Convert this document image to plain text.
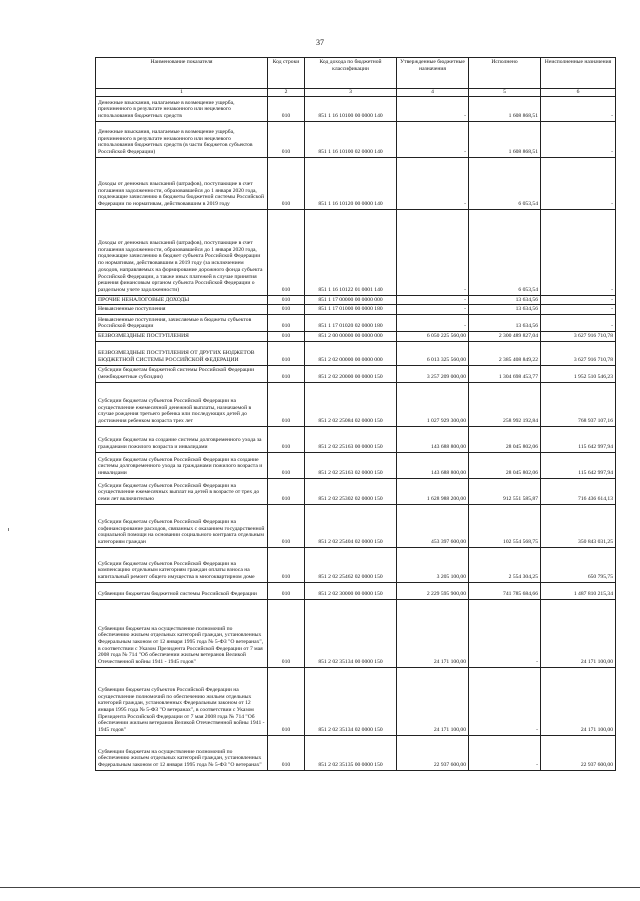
37
Наименование показателя	Код строки	Код дохода по бюджетной классификации	Утвержденные бюджетные назначения	Исполнено	Неисполненные назначения
1	2	3	4	5	6
Денежные взыскания, налагаемые в возмещение ущерба, причиненного в результате незаконного или нецелевого использования бюджетных средств	010	851 1 16 10100 00 0000 140	-	1 608 868,51	-
Денежные взыскания, налагаемые в возмещение ущерба, причиненного в результате незаконного или нецелевого использования бюджетных средств (в части бюджетов субъектов Российской Федерации)	010	851 1 16 10100 02 0000 140	-	1 608 868,51	-
Доходы от денежных взысканий (штрафов), поступающие в счет погашения задолженности, образовавшейся до 1 января 2020 года, подлежащие зачислению в бюджеты бюджетной системы Российской Федерации по нормативам, действовавшим в 2019 году	010	851 1 16 10120 00 0000 140	-	6 053,54	-
Доходы от денежных взысканий (штрафов), поступающие в счет погашения задолженности, образовавшейся до 1 января 2020 года, подлежащие зачислению в бюджет субъекта Российской Федерации по нормативам, действовавшим в 2019 году (за исключением доходов, направляемых на формирование дорожного фонда субъекта Российской Федерации, а также иных платежей в случае принятия решения финансовым органом субъекта Российской Федерации о раздельном учете задолженности)	010	851 1 16 10122 01 0001 140	-	6 053,54	-
ПРОЧИЕ НЕНАЛОГОВЫЕ ДОХОДЫ	010	851 1 17 00000 00 0000 000	-	13 634,56	-
Невыясненные поступления	010	851 1 17 01000 00 0000 180	-	13 634,56	-
Невыясненные поступления, зачисляемые в бюджеты субъектов Российской Федерации	010	851 1 17 01020 02 0000 180	-	13 634,56	-
БЕЗВОЗМЕЗДНЫЕ ПОСТУПЛЕНИЯ	010	851 2 00 00000 00 0000 000	6 050 225 560,00	2 300 489 827,04	3 627 916 710,78
БЕЗВОЗМЕЗДНЫЕ ПОСТУПЛЕНИЯ ОТ ДРУГИХ БЮДЖЕТОВ БЮДЖЕТНОЙ СИСТЕМЫ РОССИЙСКОЙ ФЕДЕРАЦИИ	010	851 2 02 00000 00 0000 000	6 013 325 560,00	2 385 408 849,22	3 627 916 710,78
Субсидии бюджетам бюджетной системы Российской Федерации (межбюджетные субсидии)	010	851 2 02 20000 00 0000 150	3 257 209 000,00	1 304 698 453,77	1 952 510 546,23
Субсидии бюджетам субъектов Российской Федерации на осуществление ежемесячной денежной выплаты, назначаемой в случае рождения третьего ребенка или последующих детей до достижения ребенком возраста трех лет	010	851 2 02 25084 02 0000 150	1 027 929 300,00	258 992 192,84	768 937 107,16
Субсидии бюджетам на создание системы долговременного ухода за гражданами пожилого возраста и инвалидами	010	851 2 02 25163 00 0000 150	143 688 800,00	28 045 802,06	115 642 997,94
Субсидии бюджетам субъектов Российской Федерации на создание системы долговременного ухода за гражданами пожилого возраста и инвалидами	010	851 2 02 25163 02 0000 150	143 688 800,00	28 045 802,06	115 642 997,94
Субсидии бюджетам субъектов Российской Федерации на осуществление ежемесячных выплат на детей в возрасте от трех до семи лет включительно	010	851 2 02 25302 02 0000 150	1 628 988 200,00	912 551 585,87	716 436 614,13
Субсидии бюджетам субъектов Российской Федерации на софинансирование расходов, связанных с оказанием государственной социальной помощи на основании социального контракта отдельным категориям граждан	010	851 2 02 25404 02 0000 150	453 397 600,00	102 554 568,75	350 843 031,25
Субсидии бюджетам субъектов Российской Федерации на компенсацию отдельным категориям граждан оплаты взноса на капитальный ремонт общего имущества в многоквартирном доме	010	851 2 02 25462 02 0000 150	3 205 100,00	2 554 304,25	650 795,75
Субвенции бюджетам бюджетной системы Российской Федерации	010	851 2 02 30000 00 0000 150	2 229 595 900,00	741 785 684,66	1 487 810 215,34
Субвенции бюджетам на осуществление полномочий по обеспечению жильем отдельных категорий граждан, установленных Федеральным законом от 12 января 1995 года № 5-ФЗ "О ветеранах", в соответствии с Указом Президента Российской Федерации от 7 мая 2008 года № 714 "Об обеспечении жильем ветеранов Великой Отечественной войны 1941 - 1945 годов"	010	851 2 02 35134 00 0000 150	24 171 100,00	-	24 171 100,00
Субвенции бюджетам субъектов Российской Федерации на осуществление полномочий по обеспечению жильем отдельных категорий граждан, установленных Федеральным законом от 12 января 1995 года № 5-ФЗ "О ветеранах", в соответствии с Указом Президента Российской Федерации от 7 мая 2008 года № 714 "Об обеспечении жильем ветеранов Великой Отечественной войны 1941 - 1945 годов"	010	851 2 02 35134 02 0000 150	24 171 100,00	-	24 171 100,00
Субвенции бюджетам на осуществление полномочий по обеспечению жильем отдельных категорий граждан, установленных Федеральным законом от 12 января 1995 года № 5-ФЗ "О ветеранах"	010	851 2 02 35135 00 0000 150	22 937 600,00	-	22 937 600,00
